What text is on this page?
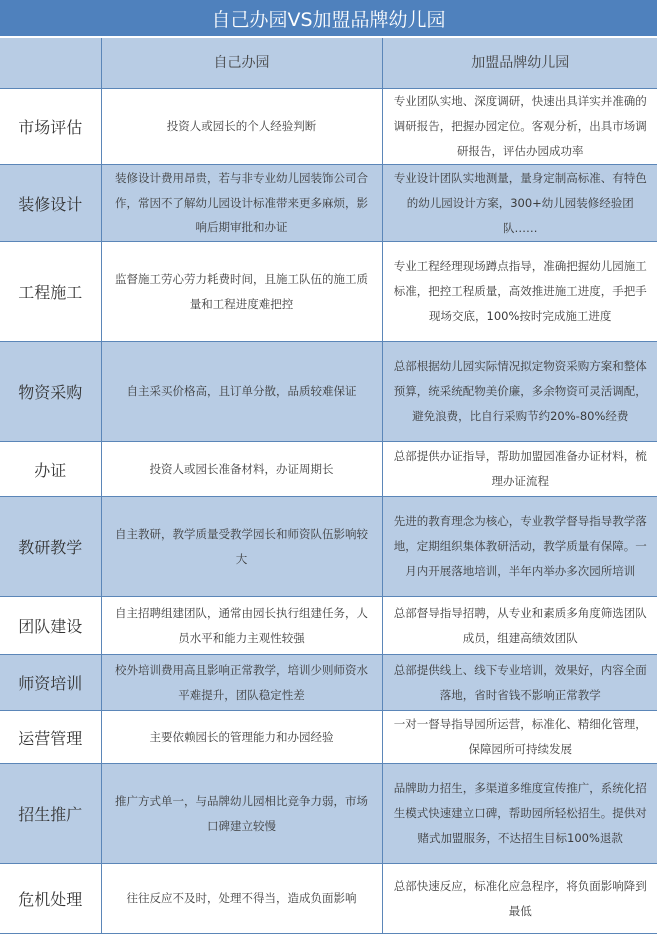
自己办园VS加盟品牌幼儿园
	自己办园	加盟品牌幼儿园
市场评估	投资人或园长的个人经验判断	专业团队实地、深度调研，快速出具详实并准确的调研报告，把握办园定位。客观分析，出具市场调研报告，评估办园成功率
装修设计	装修设计费用昂贵，若与非专业幼儿园装饰公司合作，常因不了解幼儿园设计标准带来更多麻烦，影响后期审批和办证	专业设计团队实地测量，量身定制高标准、有特色的幼儿园设计方案，300+幼儿园装修经验团队……
工程施工	监督施工劳心劳力耗费时间，且施工队伍的施工质量和工程进度难把控	专业工程经理现场蹲点指导，准确把握幼儿园施工标准，把控工程质量，高效推进施工进度，手把手现场交底，100%按时完成施工进度
物资采购	自主采买价格高，且订单分散，品质较难保证	总部根据幼儿园实际情况拟定物资采购方案和整体预算，统采统配物美价廉，多余物资可灵活调配，避免浪费，比自行采购节约20%-80%经费
办证	投资人或园长准备材料，办证周期长	总部提供办证指导，帮助加盟园准备办证材料，梳理办证流程
教研教学	自主教研，教学质量受教学园长和师资队伍影响较大	先进的教育理念为核心，专业教学督导指导教学落地，定期组织集体教研活动，教学质量有保障。一月内开展落地培训，半年内举办多次园所培训
团队建设	自主招聘组建团队，通常由园长执行组建任务，人员水平和能力主观性较强	总部督导指导招聘，从专业和素质多角度筛选团队成员，组建高绩效团队
师资培训	校外培训费用高且影响正常教学，培训少则师资水平难提升，团队稳定性差	总部提供线上、线下专业培训，效果好，内容全面落地，省时省钱不影响正常教学
运营管理	主要依赖园长的管理能力和办园经验	一对一督导指导园所运营，标准化、精细化管理，保障园所可持续发展
招生推广	推广方式单一，与品牌幼儿园相比竞争力弱，市场口碑建立较慢	品牌助力招生，多渠道多维度宣传推广，系统化招生模式快速建立口碑，帮助园所轻松招生。提供对赌式加盟服务，不达招生目标100%退款
危机处理	往往反应不及时，处理不得当，造成负面影响	总部快速反应，标准化应急程序，将负面影响降到最低
